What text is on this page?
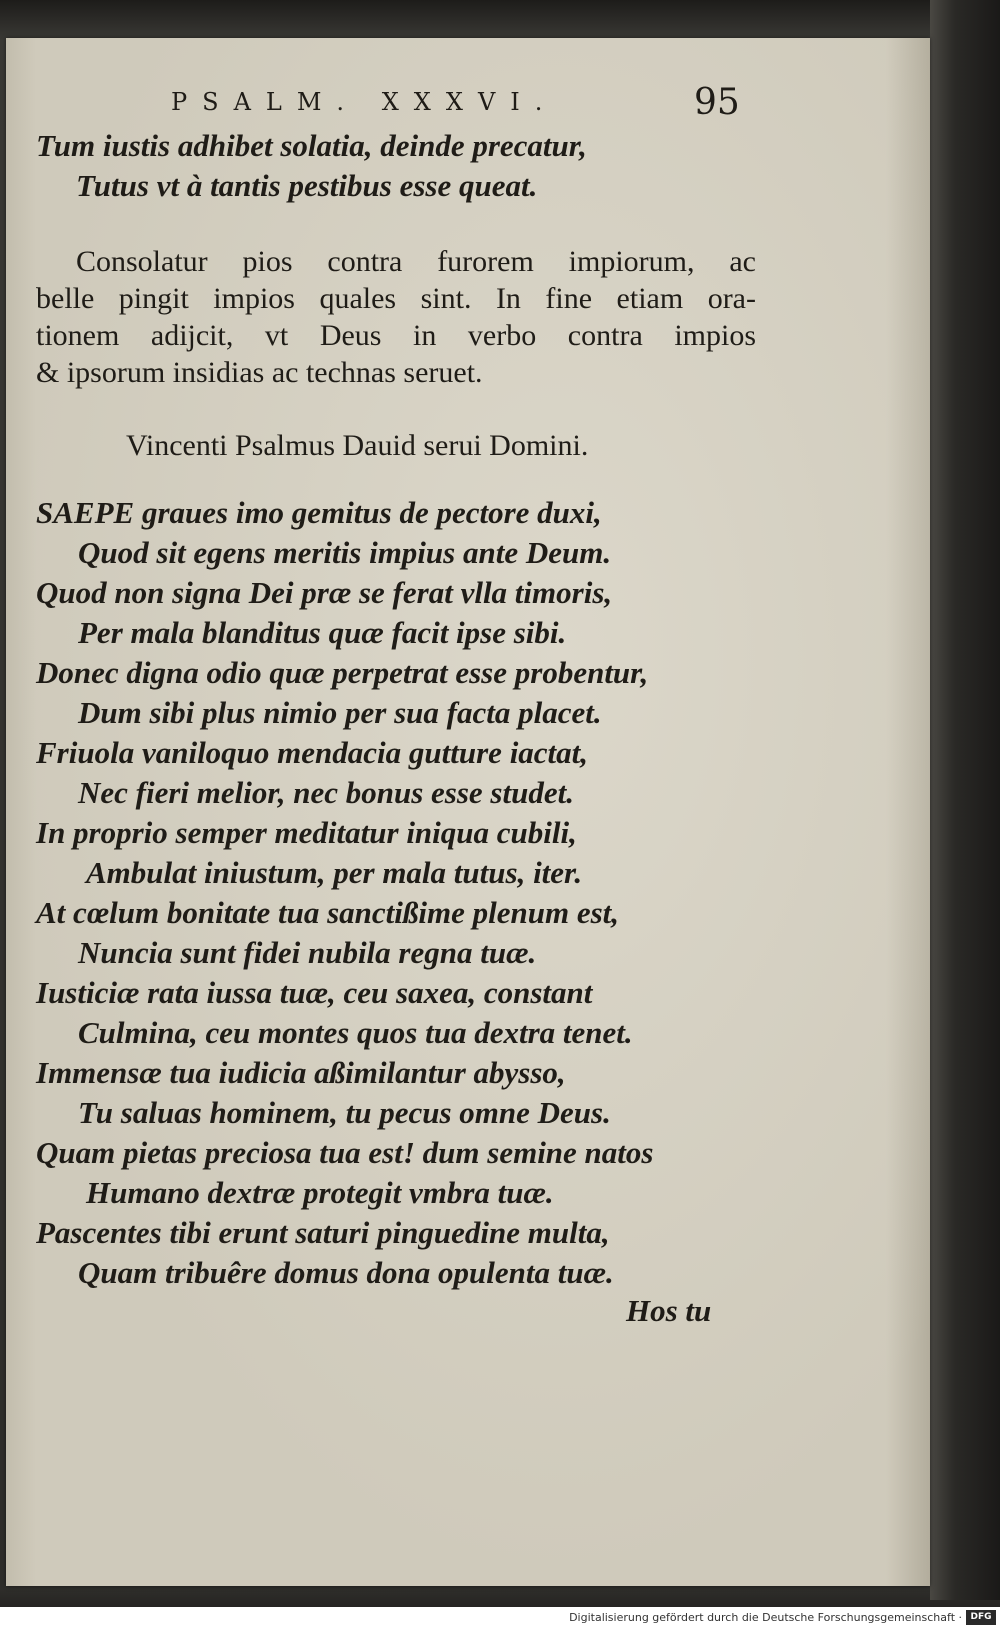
PSALM. XXXVI.	95
Tum iustis adhibet solatia, deinde precatur,
Tutus vt à tantis pestibus esse queat.
Consolatur pios contra furorem impiorum, ac
belle pingit impios quales sint. In fine etiam ora-
tionem adijcit, vt Deus in verbo contra impios
& ipsorum insidias ac technas seruet.
Vincenti Psalmus Dauid serui Domini.
SAEPE graues imo gemitus de pectore duxi,
Quod sit egens meritis impius ante Deum.
Quod non signa Dei præ se ferat vlla timoris,
Per mala blanditus quæ facit ipse sibi.
Donec digna odio quæ perpetrat esse probentur,
Dum sibi plus nimio per sua facta placet.
Friuola vaniloquo mendacia gutture iactat,
Nec fieri melior, nec bonus esse studet.
In proprio semper meditatur iniqua cubili,
Ambulat iniustum, per mala tutus, iter.
At cœlum bonitate tua sanctißime plenum est,
Nuncia sunt fidei nubila regna tuæ.
Iusticiæ rata iussa tuæ, ceu saxea, constant
Culmina, ceu montes quos tua dextra tenet.
Immensæ tua iudicia aßimilantur abysso,
Tu saluas hominem, tu pecus omne Deus.
Quam pietas preciosa tua est! dum semine natos
Humano dextræ protegit vmbra tuæ.
Pascentes tibi erunt saturi pinguedine multa,
Quam tribuêre domus dona opulenta tuæ.
Hos tu
Digitalisierung gefördert durch die Deutsche Forschungsgemeinschaft · DFG
